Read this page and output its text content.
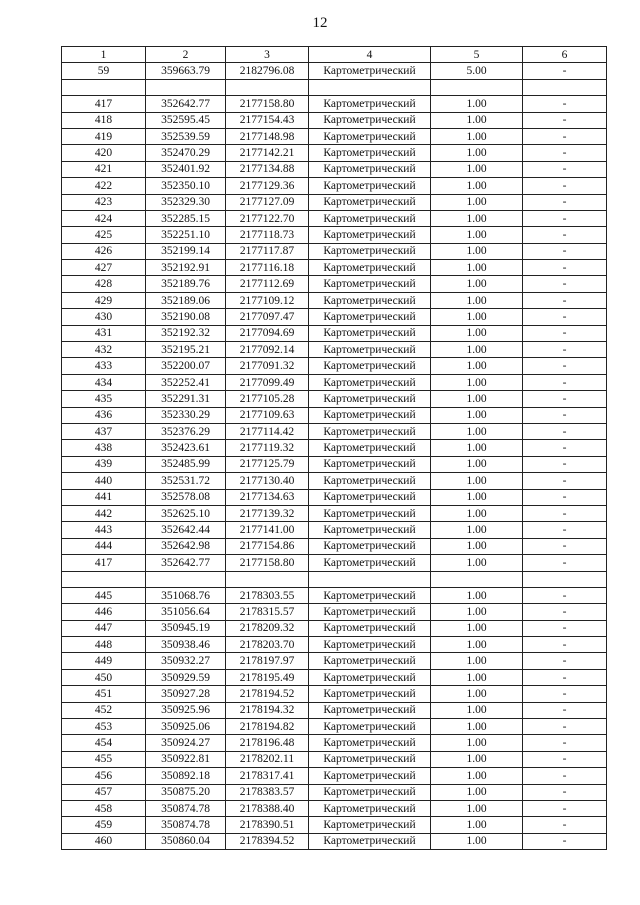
12
1	2	3	4	5	6
59	359663.79	2182796.08	Картометрический	5.00	-

417	352642.77	2177158.80	Картометрический	1.00	-
418	352595.45	2177154.43	Картометрический	1.00	-
419	352539.59	2177148.98	Картометрический	1.00	-
420	352470.29	2177142.21	Картометрический	1.00	-
421	352401.92	2177134.88	Картометрический	1.00	-
422	352350.10	2177129.36	Картометрический	1.00	-
423	352329.30	2177127.09	Картометрический	1.00	-
424	352285.15	2177122.70	Картометрический	1.00	-
425	352251.10	2177118.73	Картометрический	1.00	-
426	352199.14	2177117.87	Картометрический	1.00	-
427	352192.91	2177116.18	Картометрический	1.00	-
428	352189.76	2177112.69	Картометрический	1.00	-
429	352189.06	2177109.12	Картометрический	1.00	-
430	352190.08	2177097.47	Картометрический	1.00	-
431	352192.32	2177094.69	Картометрический	1.00	-
432	352195.21	2177092.14	Картометрический	1.00	-
433	352200.07	2177091.32	Картометрический	1.00	-
434	352252.41	2177099.49	Картометрический	1.00	-
435	352291.31	2177105.28	Картометрический	1.00	-
436	352330.29	2177109.63	Картометрический	1.00	-
437	352376.29	2177114.42	Картометрический	1.00	-
438	352423.61	2177119.32	Картометрический	1.00	-
439	352485.99	2177125.79	Картометрический	1.00	-
440	352531.72	2177130.40	Картометрический	1.00	-
441	352578.08	2177134.63	Картометрический	1.00	-
442	352625.10	2177139.32	Картометрический	1.00	-
443	352642.44	2177141.00	Картометрический	1.00	-
444	352642.98	2177154.86	Картометрический	1.00	-
417	352642.77	2177158.80	Картометрический	1.00	-

445	351068.76	2178303.55	Картометрический	1.00	-
446	351056.64	2178315.57	Картометрический	1.00	-
447	350945.19	2178209.32	Картометрический	1.00	-
448	350938.46	2178203.70	Картометрический	1.00	-
449	350932.27	2178197.97	Картометрический	1.00	-
450	350929.59	2178195.49	Картометрический	1.00	-
451	350927.28	2178194.52	Картометрический	1.00	-
452	350925.96	2178194.32	Картометрический	1.00	-
453	350925.06	2178194.82	Картометрический	1.00	-
454	350924.27	2178196.48	Картометрический	1.00	-
455	350922.81	2178202.11	Картометрический	1.00	-
456	350892.18	2178317.41	Картометрический	1.00	-
457	350875.20	2178383.57	Картометрический	1.00	-
458	350874.78	2178388.40	Картометрический	1.00	-
459	350874.78	2178390.51	Картометрический	1.00	-
460	350860.04	2178394.52	Картометрический	1.00	-
